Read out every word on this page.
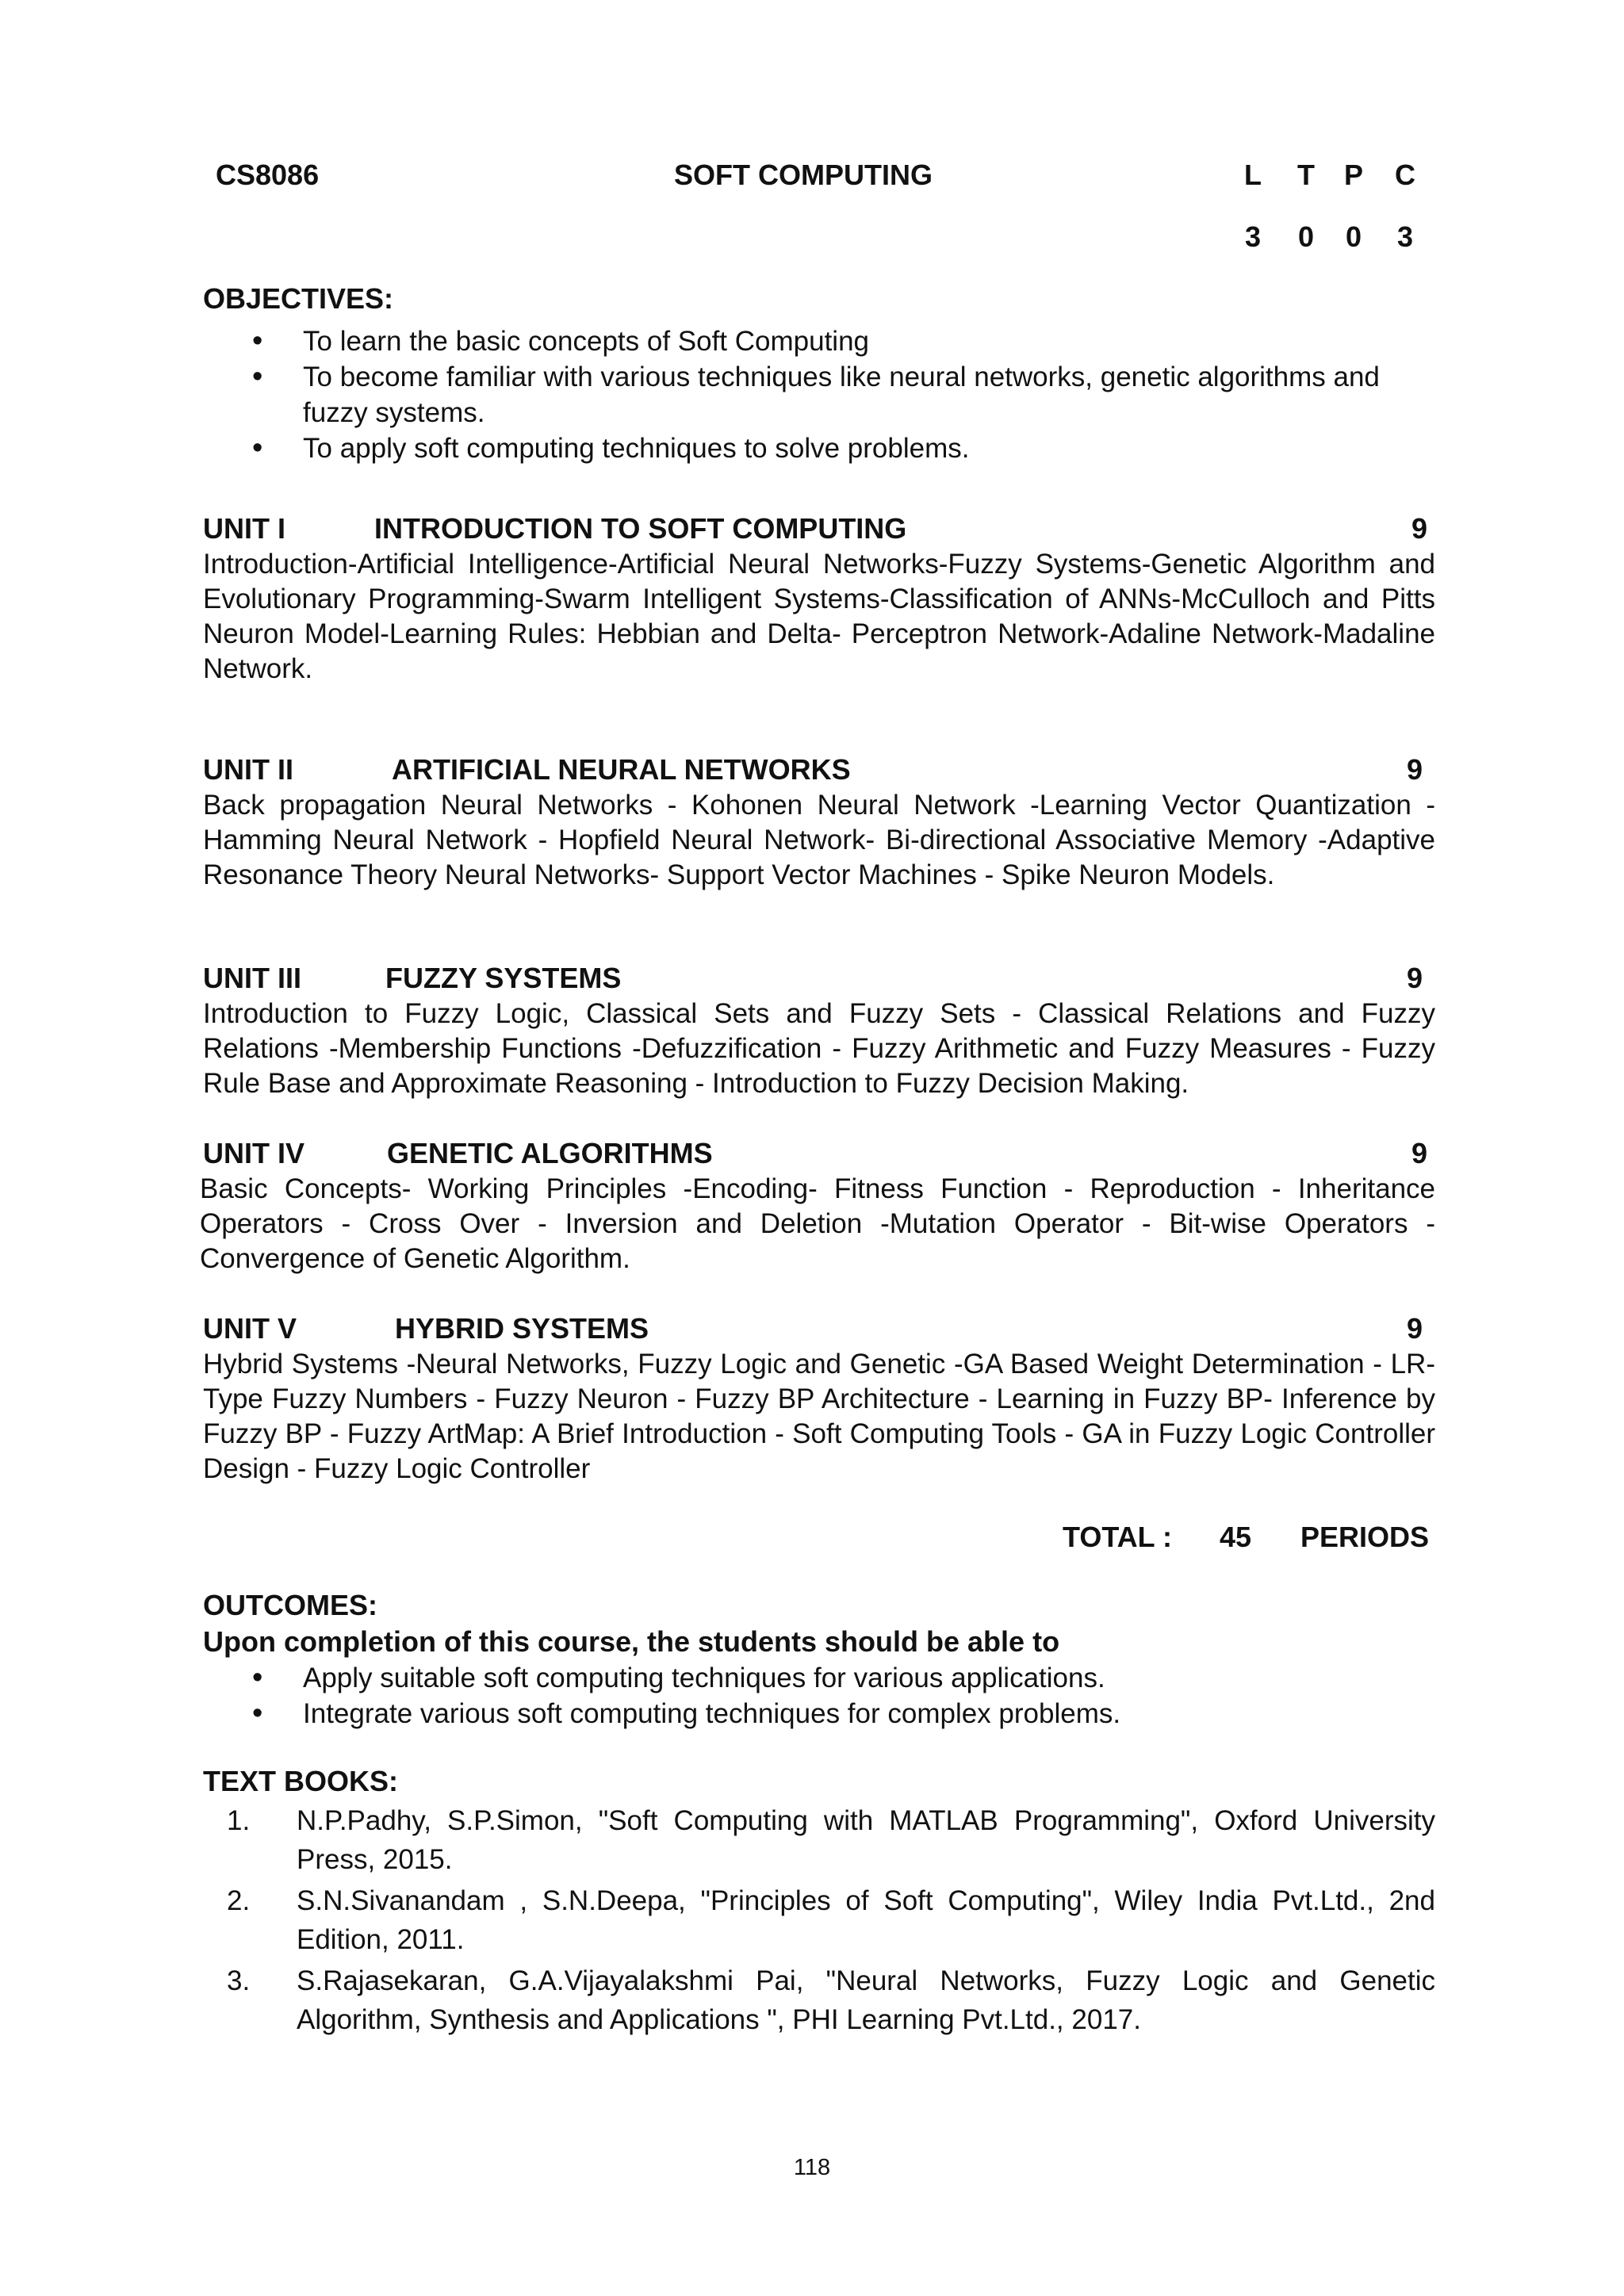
CS8086	SOFT COMPUTING	L T P C
3 0 0 3
OBJECTIVES:
• To learn the basic concepts of Soft Computing
• To become familiar with various techniques like neural networks, genetic algorithms and fuzzy systems.
• To apply soft computing techniques to solve problems.
UNIT I	INTRODUCTION TO SOFT COMPUTING	9

Introduction-Artificial Intelligence-Artificial Neural Networks-Fuzzy Systems-Genetic Algorithm and Evolutionary Programming-Swarm Intelligent Systems-Classification of ANNs-McCulloch and Pitts Neuron Model-Learning Rules: Hebbian and Delta- Perceptron Network-Adaline Network-Madaline Network.

UNIT II	ARTIFICIAL NEURAL NETWORKS	9

Back propagation Neural Networks - Kohonen Neural Network -Learning Vector Quantization -Hamming Neural Network - Hopfield Neural Network- Bi-directional Associative Memory -Adaptive Resonance Theory Neural Networks- Support Vector Machines - Spike Neuron Models.

UNIT III	FUZZY SYSTEMS	9

Introduction to Fuzzy Logic, Classical Sets and Fuzzy Sets - Classical Relations and Fuzzy Relations -Membership Functions -Defuzzification - Fuzzy Arithmetic and Fuzzy Measures - Fuzzy Rule Base and Approximate Reasoning - Introduction to Fuzzy Decision Making.

UNIT IV	GENETIC ALGORITHMS	9

Basic Concepts- Working Principles -Encoding- Fitness Function - Reproduction - Inheritance Operators - Cross Over - Inversion and Deletion -Mutation Operator - Bit-wise Operators -Convergence of Genetic Algorithm.

UNIT V	HYBRID SYSTEMS	9

Hybrid Systems -Neural Networks, Fuzzy Logic and Genetic -GA Based Weight Determination - LR-Type Fuzzy Numbers - Fuzzy Neuron - Fuzzy BP Architecture - Learning in Fuzzy BP- Inference by Fuzzy BP - Fuzzy ArtMap: A Brief Introduction - Soft Computing Tools - GA in Fuzzy Logic Controller Design - Fuzzy Logic Controller

TOTAL : 45 PERIODS
OUTCOMES:
Upon completion of this course, the students should be able to
• Apply suitable soft computing techniques for various applications.
• Integrate various soft computing techniques for complex problems.
TEXT BOOKS:
1. N.P.Padhy, S.P.Simon, "Soft Computing with MATLAB Programming", Oxford University Press, 2015.
2. S.N.Sivanandam , S.N.Deepa, "Principles of Soft Computing", Wiley India Pvt.Ltd., 2nd Edition, 2011.
3. S.Rajasekaran, G.A.Vijayalakshmi Pai, "Neural Networks, Fuzzy Logic and Genetic Algorithm, Synthesis and Applications ", PHI Learning Pvt.Ltd., 2017.
118
